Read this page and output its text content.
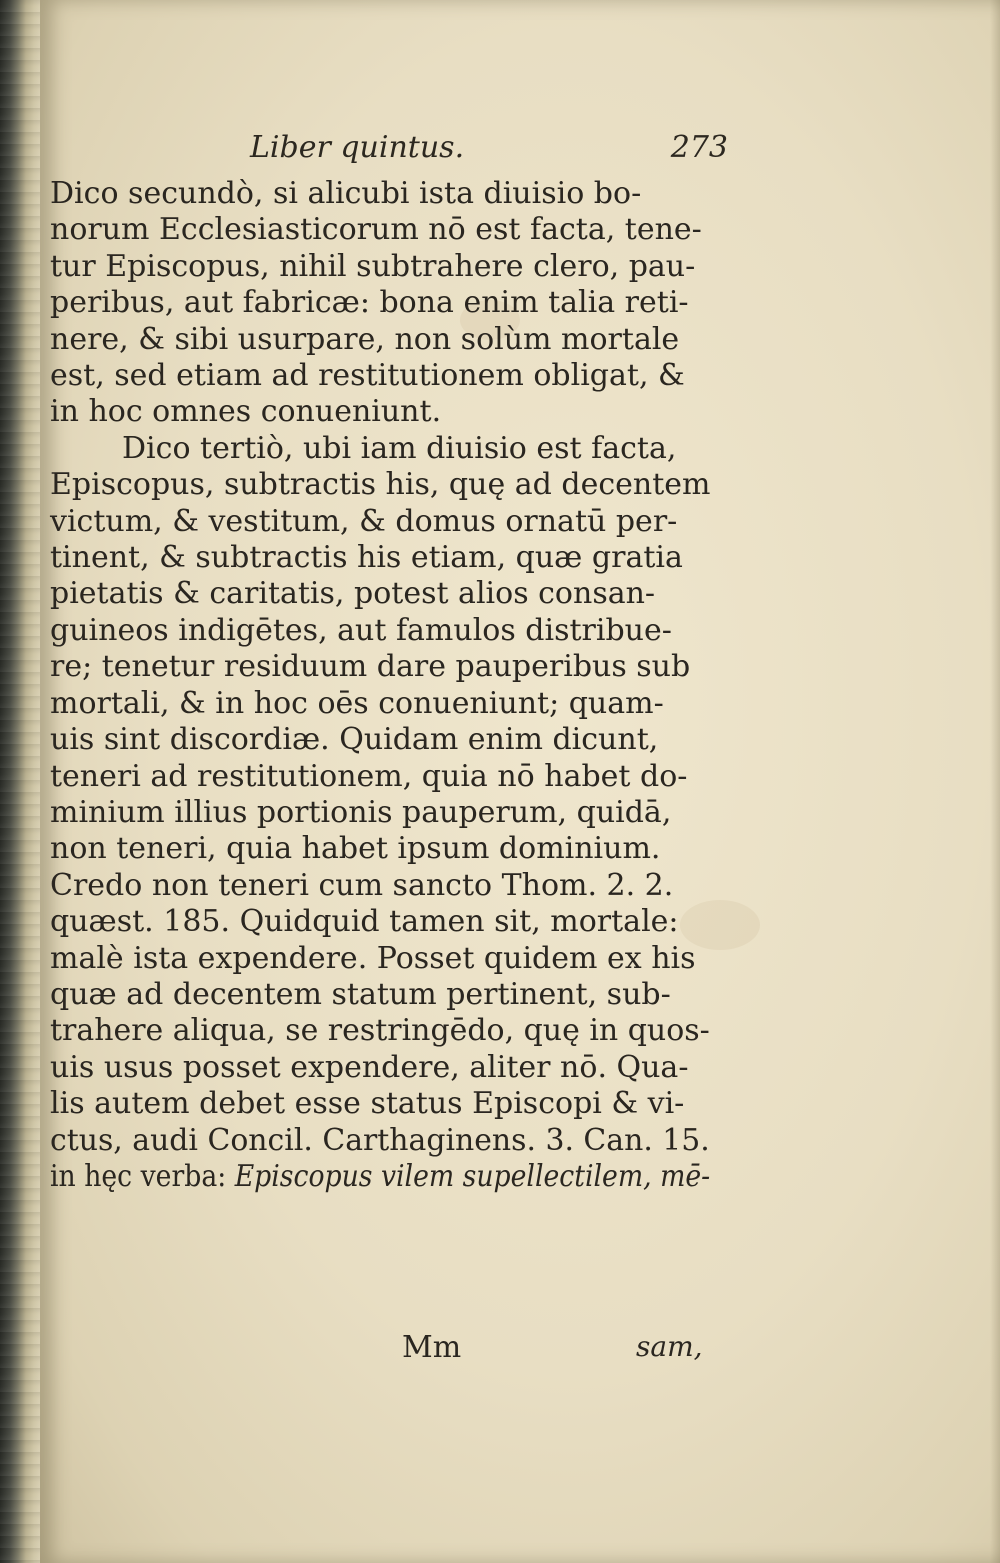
Liber quintus.	273
Dico secundò, si alicubi ista diuisio bo-
norum Ecclesiasticorum nō est facta, tene-
tur Episcopus, nihil subtrahere clero, pau-
peribus, aut fabricæ: bona enim talia reti-
nere, & sibi usurpare, non solùm mortale
est, sed etiam ad restitutionem obligat, &
in hoc omnes conueniunt.
Dico tertiò, ubi iam diuisio est facta,
Episcopus, subtractis his, quę ad decentem
victum, & vestitum, & domus ornatū per-
tinent, & subtractis his etiam, quæ gratia
pietatis & caritatis, potest alios consan-
guineos indigētes, aut famulos distribue-
re; tenetur residuum dare pauperibus sub
mortali, & in hoc oēs conueniunt; quam-
uis sint discordiæ. Quidam enim dicunt,
teneri ad restitutionem, quia nō habet do-
minium illius portionis pauperum, quidā,
non teneri, quia habet ipsum dominium.
Credo non teneri cum sancto Thom. 2. 2.
quæst. 185. Quidquid tamen sit, mortale:
malè ista expendere. Posset quidem ex his
quæ ad decentem statum pertinent, sub-
trahere aliqua, se restringēdo, quę in quos-
uis usus posset expendere, aliter nō. Qua-
lis autem debet esse status Episcopi & vi-
ctus, audi Concil. Carthaginens. 3. Can. 15.
in hęc verba: Episcopus vilem supellectilem, mē-
Mm	sam,
